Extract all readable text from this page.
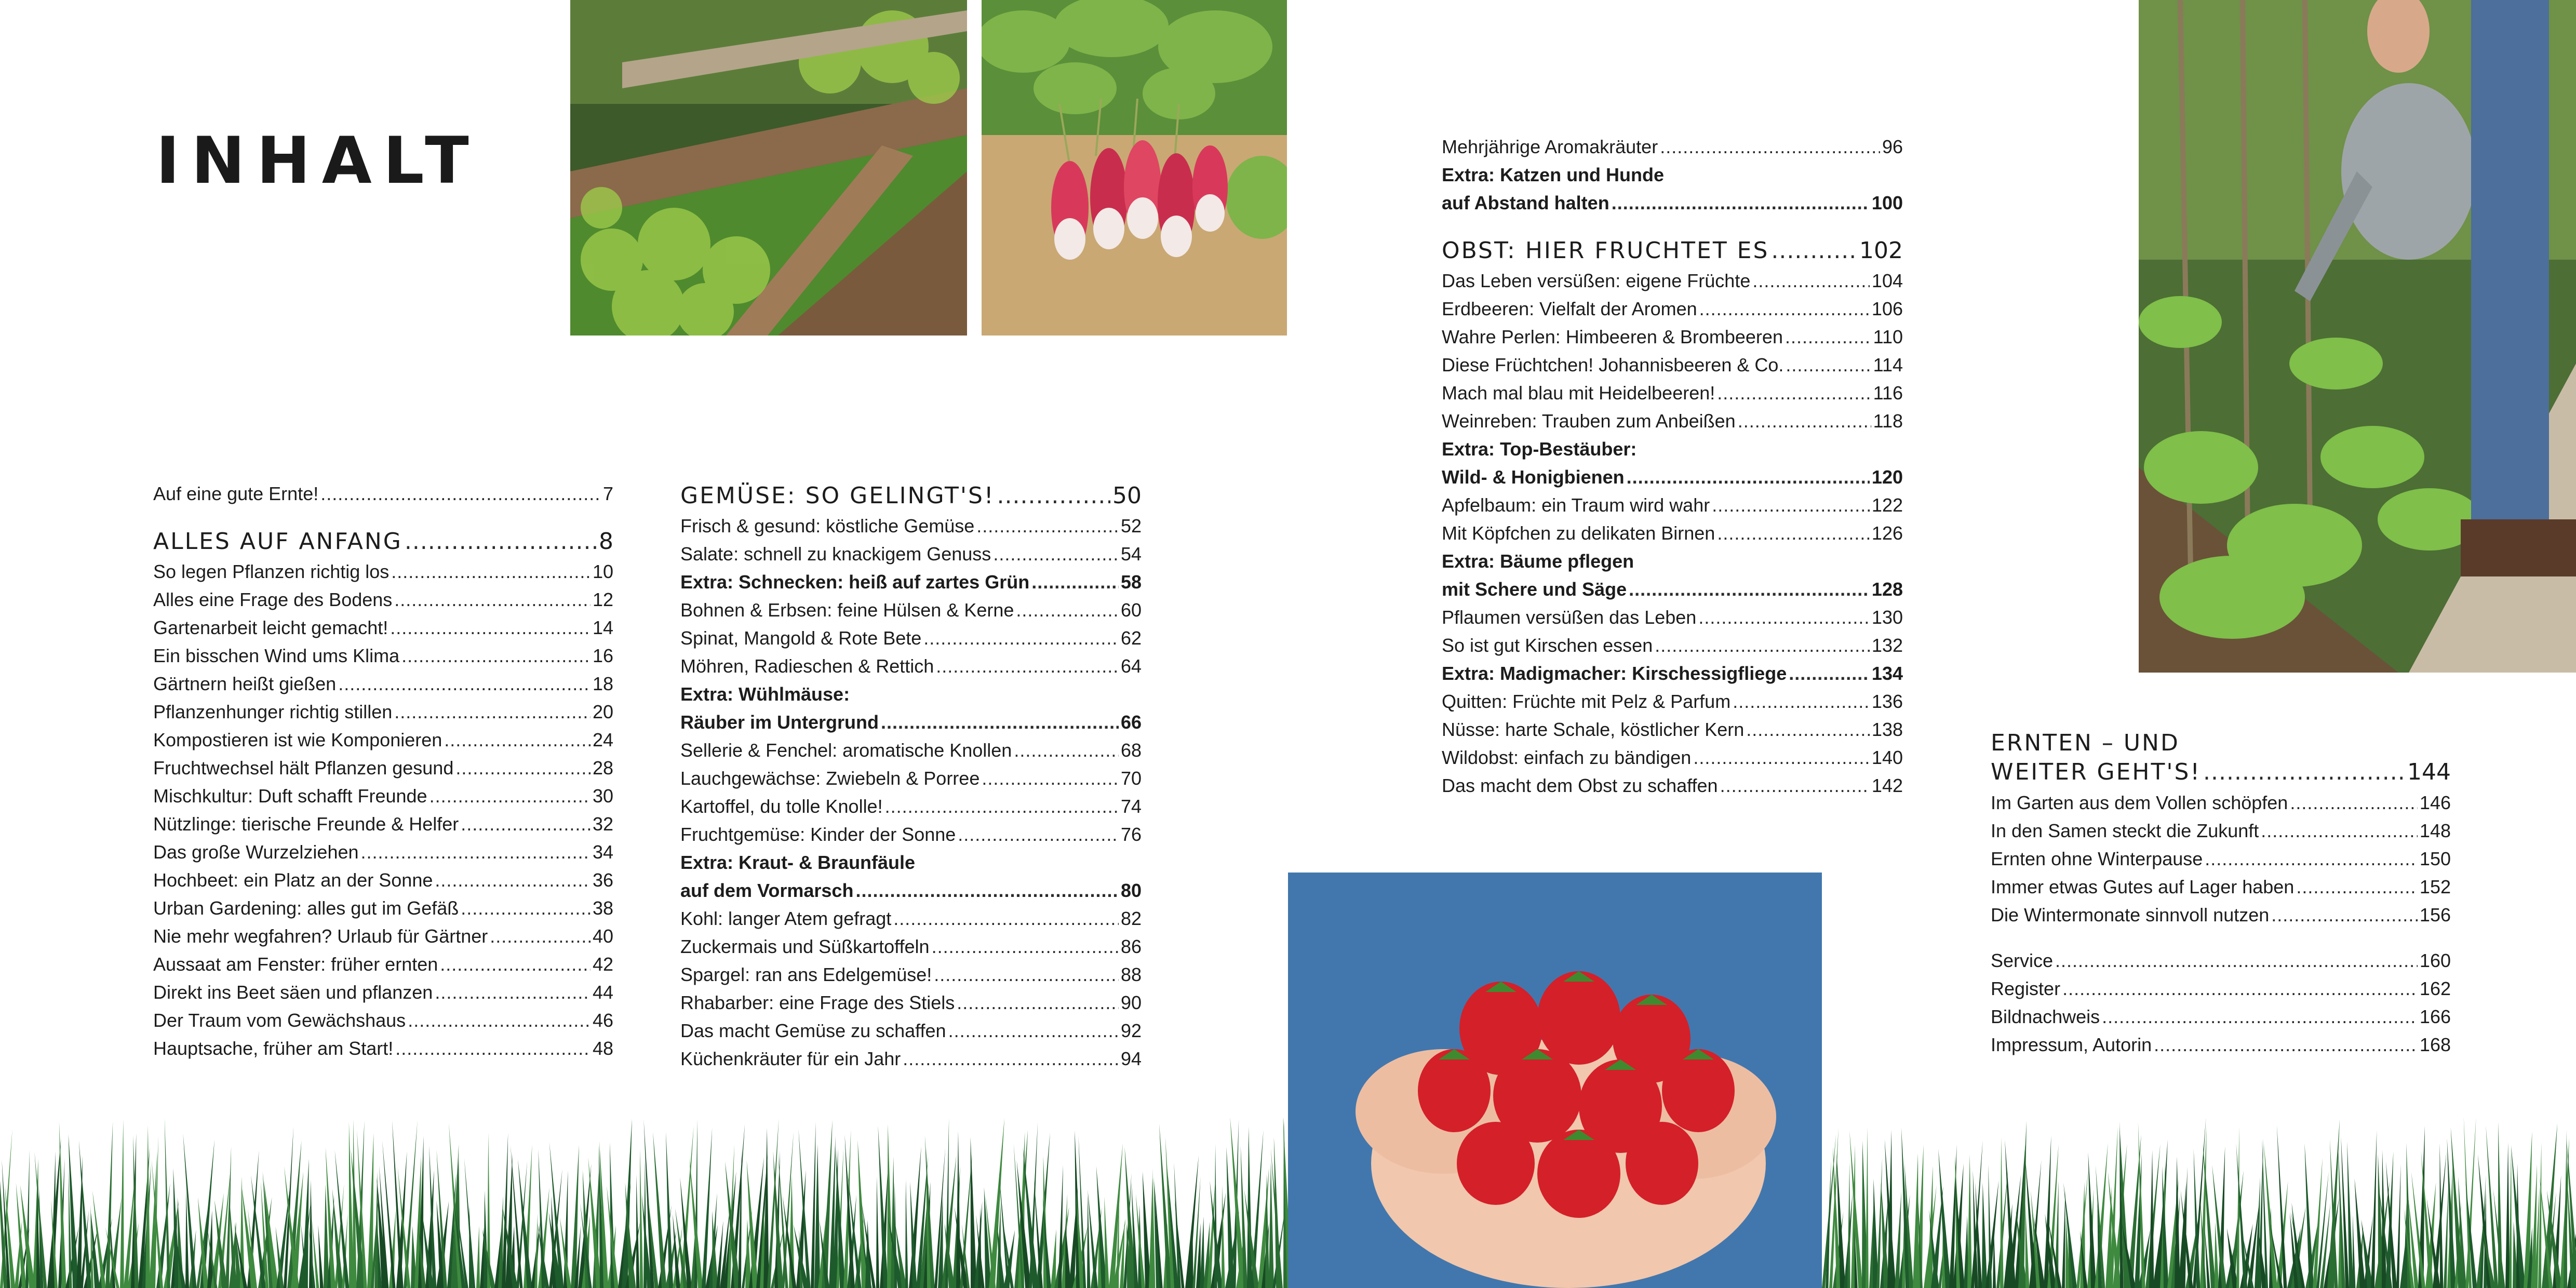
INHALT
Auf eine gute Ernte! .....	7
ALLES AUF ANFANG .....	8
So legen Pflanzen richtig los .....	10
Alles eine Frage des Bodens .....	12
Gartenarbeit leicht gemacht! .....	14
Ein bisschen Wind ums Klima .....	16
Gärtnern heißt gießen .....	18
Pflanzenhunger richtig stillen .....	20
Kompostieren ist wie Komponieren .....	24
Fruchtwechsel hält Pflanzen gesund .....	28
Mischkultur: Duft schafft Freunde .....	30
Nützlinge: tierische Freunde & Helfer .....	32
Das große Wurzelziehen .....	34
Hochbeet: ein Platz an der Sonne .....	36
Urban Gardening: alles gut im Gefäß .....	38
Nie mehr wegfahren? Urlaub für Gärtner .....	40
Aussaat am Fenster: früher ernten .....	42
Direkt ins Beet säen und pflanzen .....	44
Der Traum vom Gewächshaus .....	46
Hauptsache, früher am Start! .....	48
GEMÜSE: SO GELINGT'S! .....	50
Frisch & gesund: köstliche Gemüse .....	52
Salate: schnell zu knackigem Genuss .....	54
Extra: Schnecken: heiß auf zartes Grün .....	58
Bohnen & Erbsen: feine Hülsen & Kerne .....	60
Spinat, Mangold & Rote Bete .....	62
Möhren, Radieschen & Rettich .....	64
Extra: Wühlmäuse:
Räuber im Untergrund .....	66
Sellerie & Fenchel: aromatische Knollen .....	68
Lauchgewächse: Zwiebeln & Porree .....	70
Kartoffel, du tolle Knolle! .....	74
Fruchtgemüse: Kinder der Sonne .....	76
Extra: Kraut- & Braunfäule
auf dem Vormarsch .....	80
Kohl: langer Atem gefragt .....	82
Zuckermais und Süßkartoffeln .....	86
Spargel: ran ans Edelgemüse! .....	88
Rhabarber: eine Frage des Stiels .....	90
Das macht Gemüse zu schaffen .....	92
Küchenkräuter für ein Jahr .....	94
Mehrjährige Aromakräuter .....	96
Extra: Katzen und Hunde
auf Abstand halten .....	100
OBST: HIER FRUCHTET ES .....	102
Das Leben versüßen: eigene Früchte .....	104
Erdbeeren: Vielfalt der Aromen .....	106
Wahre Perlen: Himbeeren & Brombeeren .....	110
Diese Früchtchen! Johannisbeeren & Co. .....	114
Mach mal blau mit Heidelbeeren! .....	116
Weinreben: Trauben zum Anbeißen .....	118
Extra: Top-Bestäuber:
Wild- & Honigbienen .....	120
Apfelbaum: ein Traum wird wahr .....	122
Mit Köpfchen zu delikaten Birnen .....	126
Extra: Bäume pflegen
mit Schere und Säge .....	128
Pflaumen versüßen das Leben .....	130
So ist gut Kirschen essen .....	132
Extra: Madigmacher: Kirschessigfliege .....	134
Quitten: Früchte mit Pelz & Parfum .....	136
Nüsse: harte Schale, köstlicher Kern .....	138
Wildobst: einfach zu bändigen .....	140
Das macht dem Obst zu schaffen .....	142
ERNTEN – UND
WEITER GEHT'S! .....	144
Im Garten aus dem Vollen schöpfen .....	146
In den Samen steckt die Zukunft .....	148
Ernten ohne Winterpause .....	150
Immer etwas Gutes auf Lager haben .....	152
Die Wintermonate sinnvoll nutzen .....	156
Service .....	160
Register .....	162
Bildnachweis .....	166
Impressum, Autorin .....	168
